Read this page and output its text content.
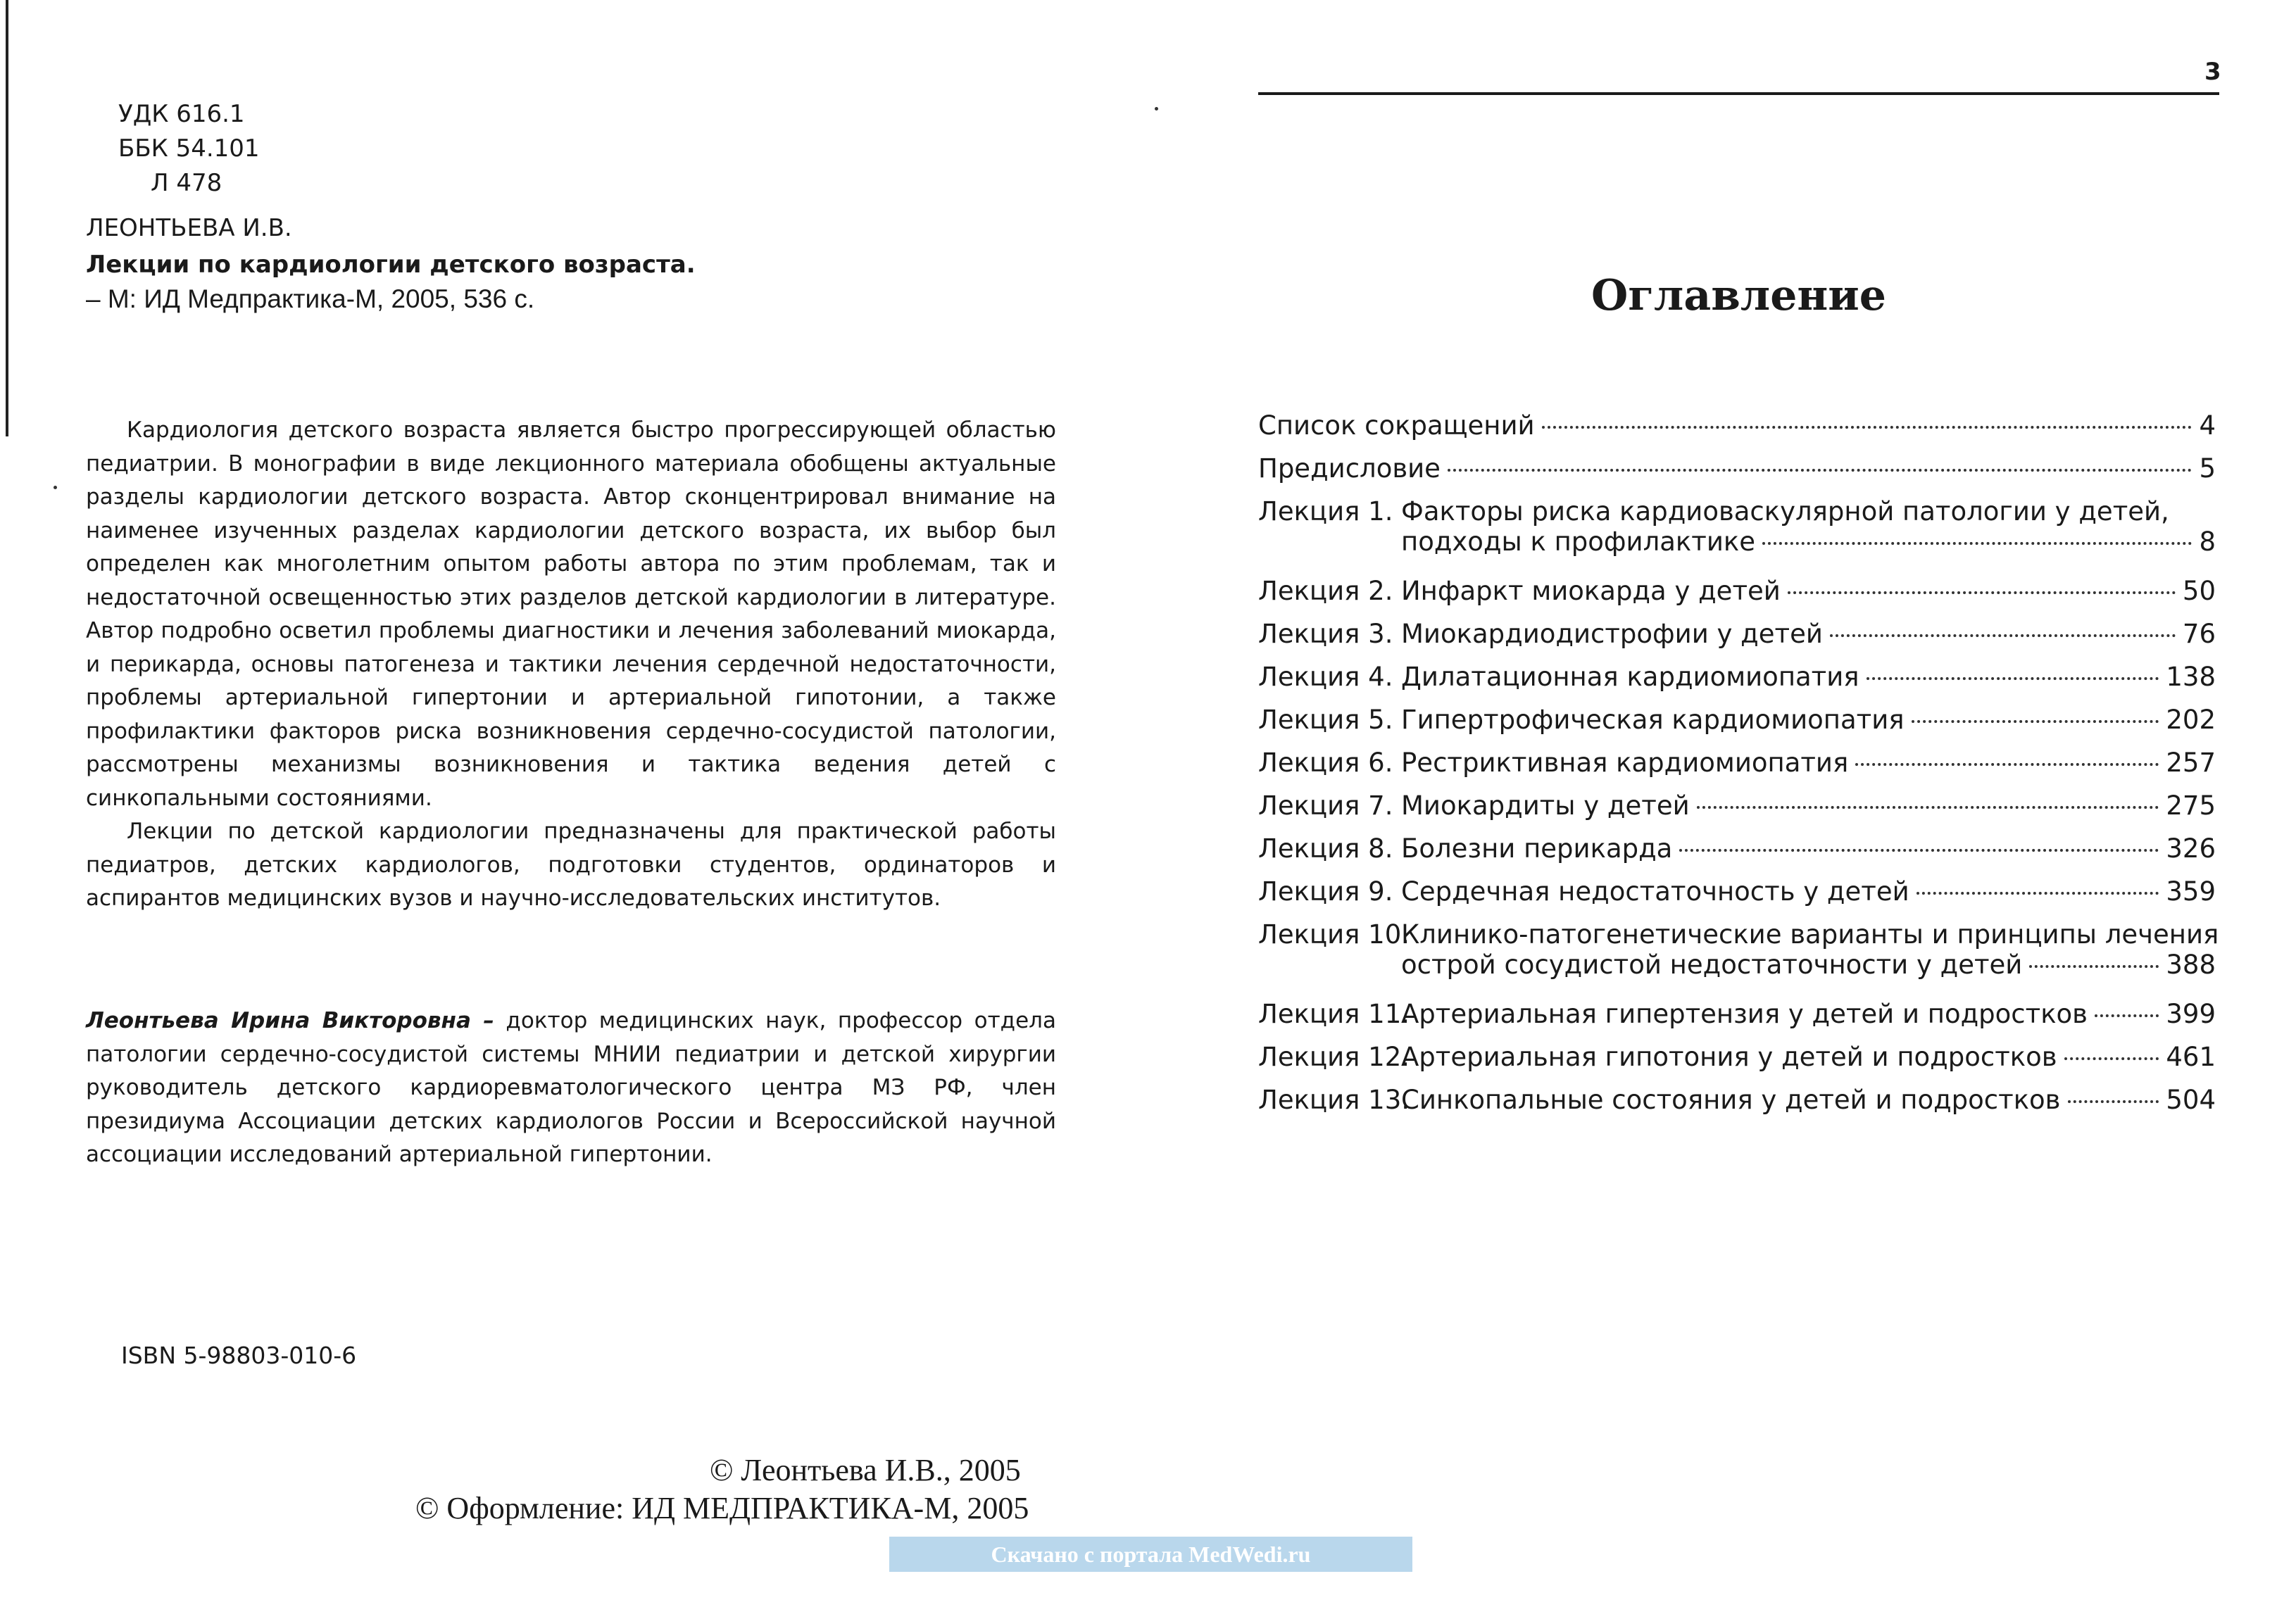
УДК 616.1
ББК 54.101
Л 478
ЛЕОНТЬЕВА И.В.
Лекции по кардиологии детского возраста.
– М: ИД Медпрактика-М, 2005, 536 с.

Кардиология детского возраста является быстро прогрессирующей областью педиатрии. В монографии в виде лекционного материала обобщены актуальные разделы кардиологии детского возраста. Автор сконцентрировал внимание на наименее изученных разделах кардиологии детского возраста, их выбор был определен как многолетним опытом работы автора по этим проблемам, так и недостаточной освещенностью этих разделов детской кардиологии в литературе. Автор подробно осветил проблемы диагностики и лечения заболеваний миокарда, и перикарда, основы патогенеза и тактики лечения сердечной недостаточности, проблемы артериальной гипертонии и артериальной гипотонии, а также профилактики факторов риска возникновения сердечно-сосудистой патологии, рассмотрены механизмы возникновения и тактика ведения детей с синкопальными состояниями.

Лекции по детской кардиологии предназначены для практической работы педиатров, детских кардиологов, подготовки студентов, ординаторов и аспирантов медицинских вузов и научно-исследовательских институтов.

Леонтьева Ирина Викторовна – доктор медицинских наук, профессор отдела патологии сердечно-сосудистой системы МНИИ педиатрии и детской хирургии руководитель детского кардиоревматологического центра МЗ РФ, член президиума Ассоциации детских кардиологов России и Всероссийской научной ассоциации исследований артериальной гипертонии.

ISBN 5-98803-010-6
© Леонтьева И.В., 2005
© Оформление: ИД МЕДПРАКТИКА-М, 2005
Скачано с портала MedWedi.ru
3
Оглавление
Список сокращений	4
Предисловие	5
Лекция 1. Факторы риска кардиоваскулярной патологии у детей,
подходы к профилактике	8
Лекция 2. Инфаркт миокарда у детей	50
Лекция 3. Миокардиодистрофии у детей	76
Лекция 4. Дилатационная кардиомиопатия	138
Лекция 5. Гипертрофическая кардиомиопатия	202
Лекция 6. Рестриктивная кардиомиопатия	257
Лекция 7. Миокардиты у детей	275
Лекция 8. Болезни перикарда	326
Лекция 9. Сердечная недостаточность у детей	359
Лекция 10.
Клинико-патогенетические варианты и принципы лечения
острой сосудистой недостаточности у детей	388
Лекция 11.
Артериальная гипертензия у детей и подростков	399
Лекция 12.
Артериальная гипотония у детей и подростков	461
Лекция 13.
Синкопальные состояния у детей и подростков	504
